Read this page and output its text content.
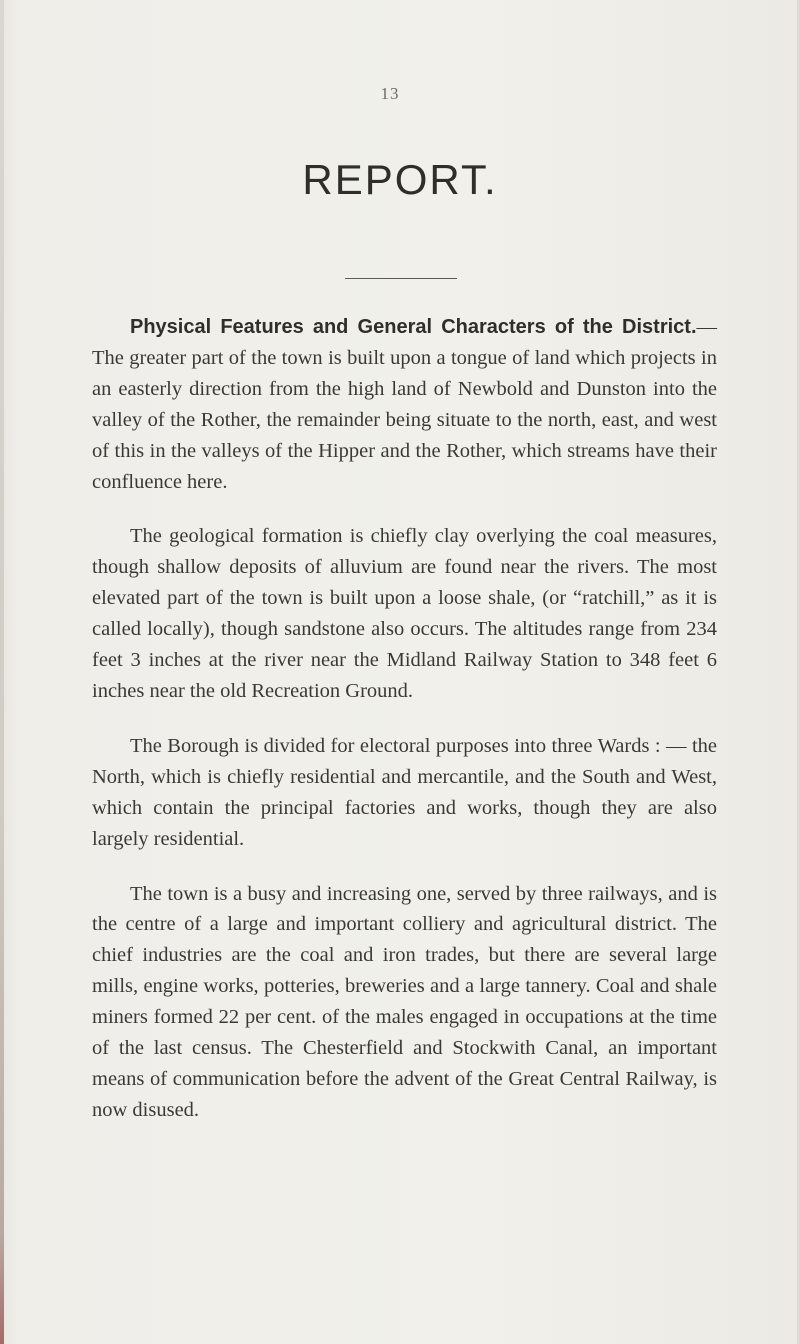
13
REPORT.

Physical Features and General Characters of the District.—The greater part of the town is built upon a tongue of land which projects in an easterly direction from the high land of Newbold and Dunston into the valley of the Rother, the remainder being situate to the north, east, and west of this in the valleys of the Hipper and the Rother, which streams have their confluence here.

The geological formation is chiefly clay overlying the coal measures, though shallow deposits of alluvium are found near the rivers. The most elevated part of the town is built upon a loose shale, (or “ratchill,” as it is called locally), though sandstone also occurs. The altitudes range from 234 feet 3 inches at the river near the Midland Railway Station to 348 feet 6 inches near the old Recreation Ground.

The Borough is divided for electoral purposes into three Wards : — the North, which is chiefly residential and mercantile, and the South and West, which contain the principal factories and works, though they are also largely residential.

The town is a busy and increasing one, served by three railways, and is the centre of a large and important colliery and agricultural district. The chief industries are the coal and iron trades, but there are several large mills, engine works, potteries, breweries and a large tannery. Coal and shale miners formed 22 per cent. of the males engaged in occupations at the time of the last census. The Chesterfield and Stockwith Canal, an important means of communication before the advent of the Great Central Railway, is now disused.
